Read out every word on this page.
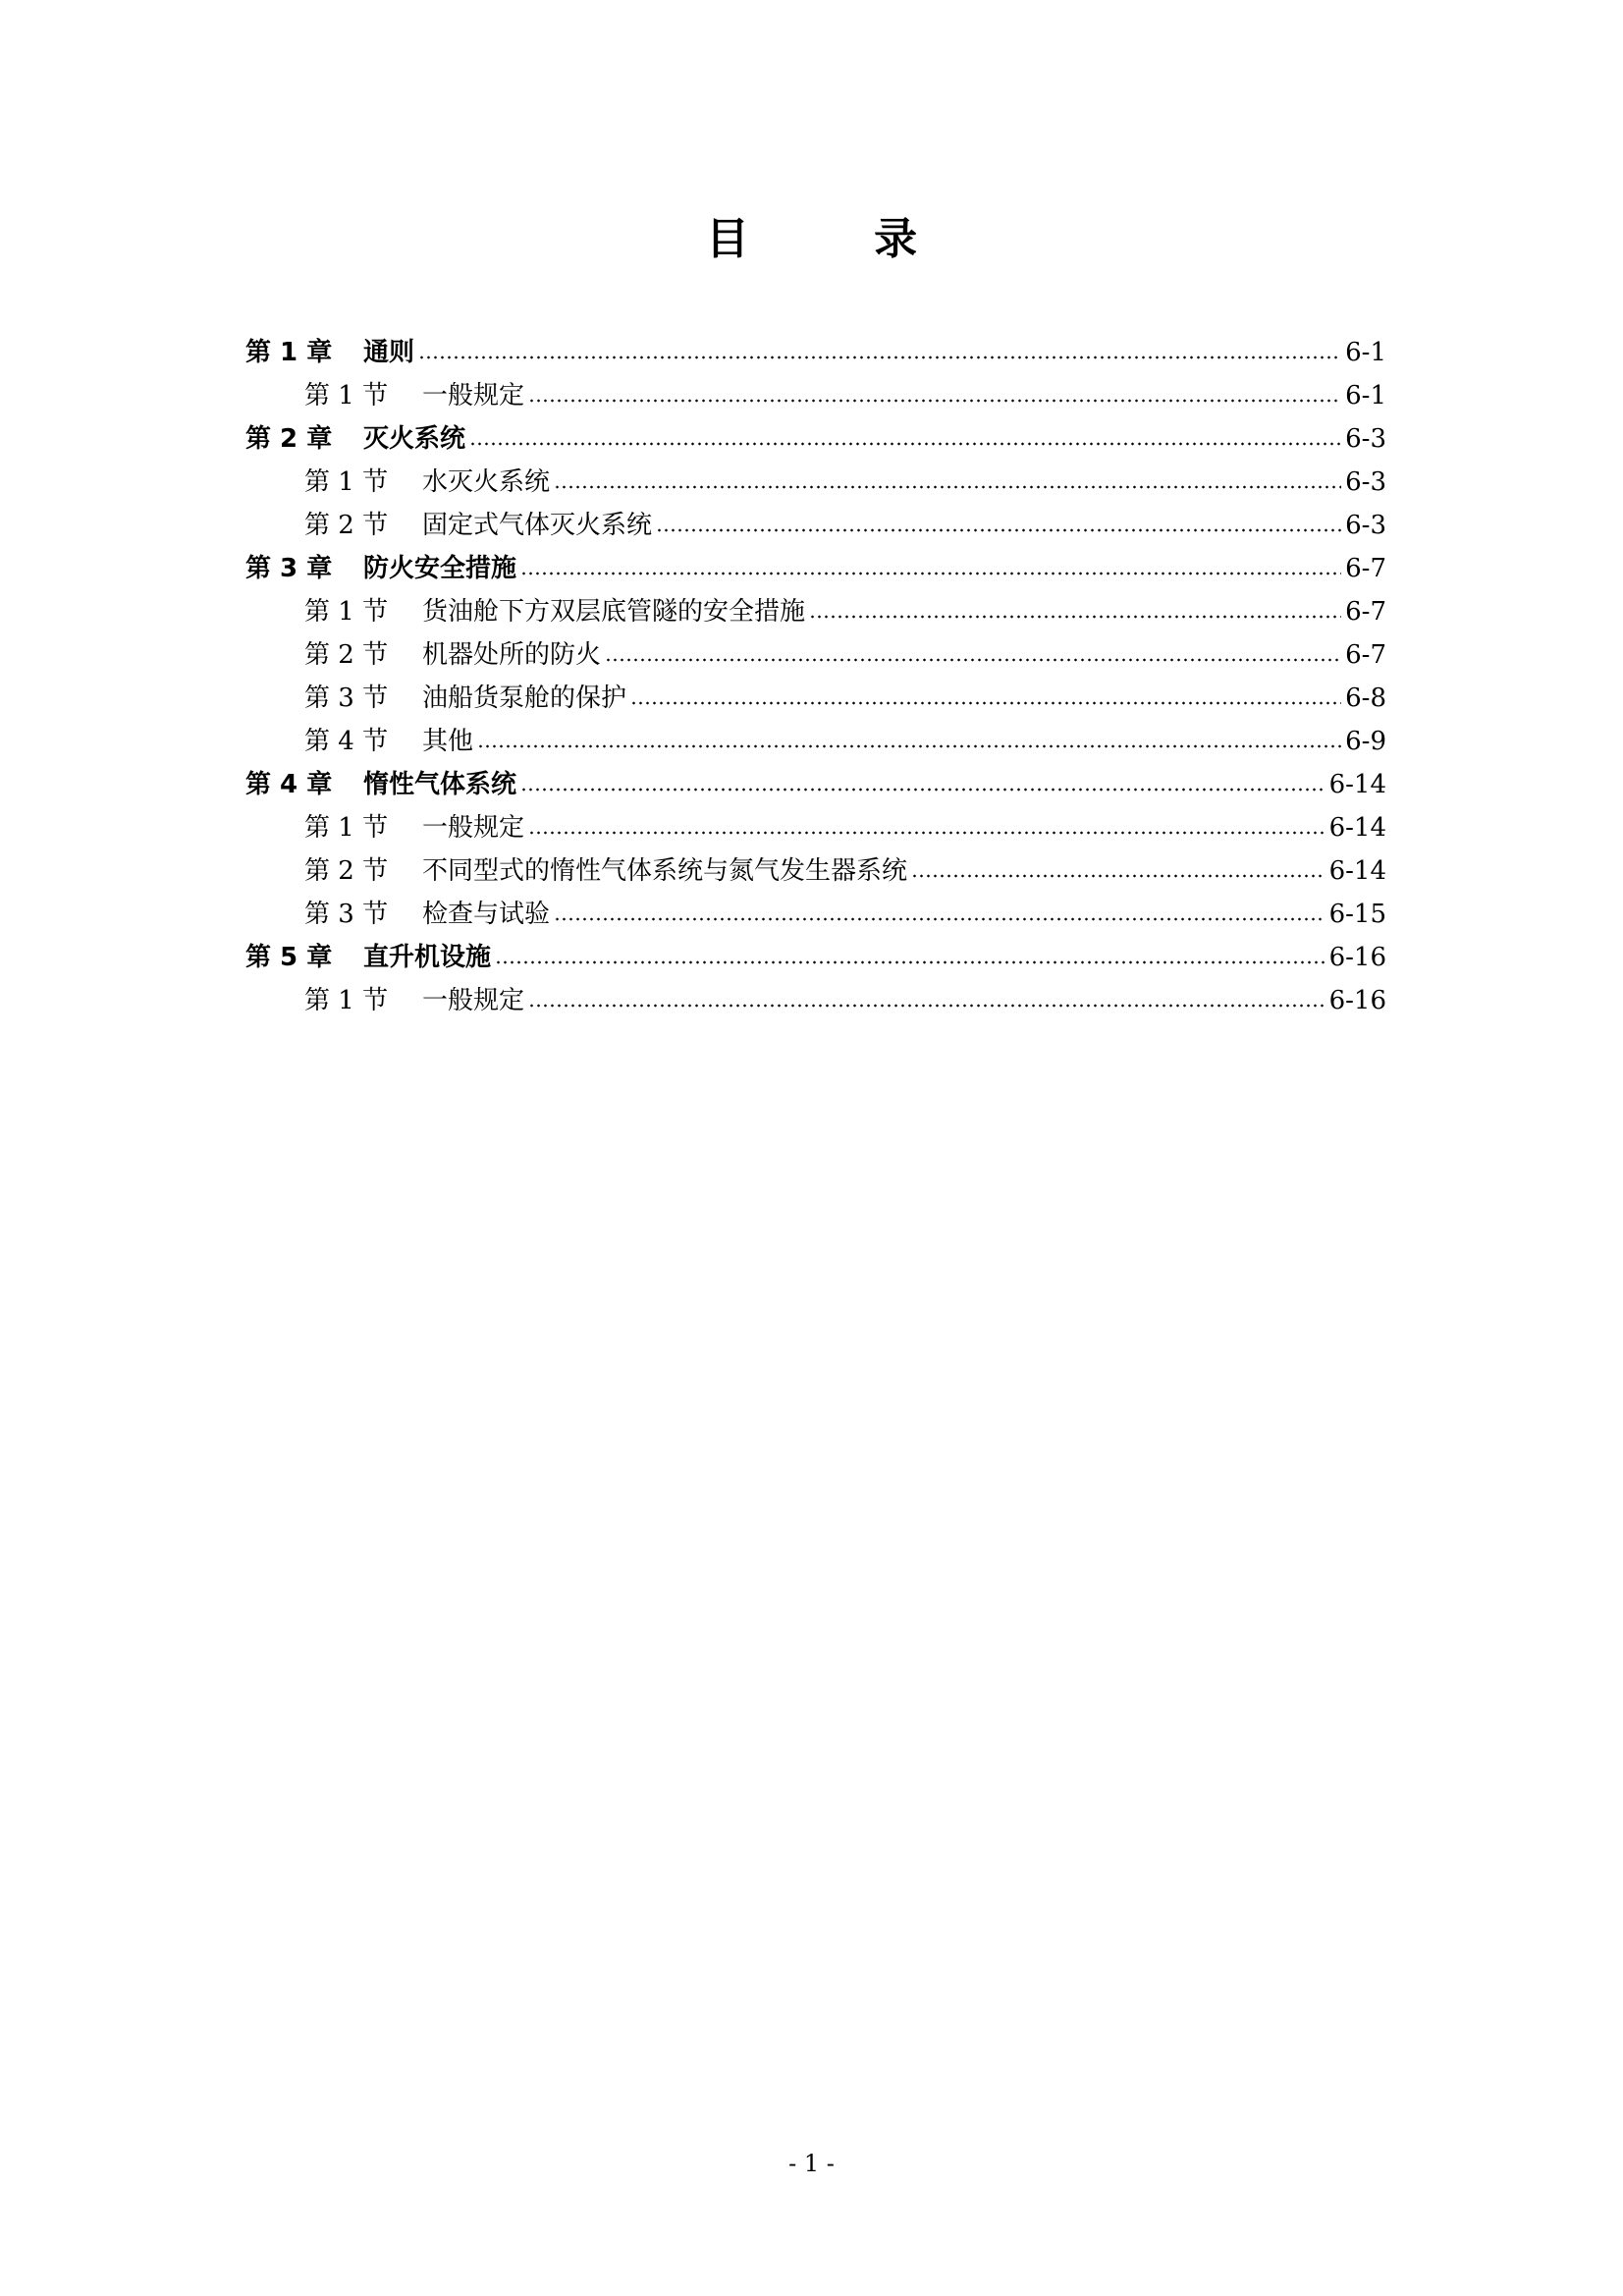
目 录
第 1 章	通则	6-1
第 1 节	一般规定	6-1
第 2 章	灭火系统	6-3
第 1 节	水灭火系统	6-3
第 2 节	固定式气体灭火系统	6-3
第 3 章	防火安全措施	6-7
第 1 节	货油舱下方双层底管隧的安全措施	6-7
第 2 节	机器处所的防火	6-7
第 3 节	油船货泵舱的保护	6-8
第 4 节	其他	6-9
第 4 章	惰性气体系统	6-14
第 1 节	一般规定	6-14
第 2 节	不同型式的惰性气体系统与氮气发生器系统	6-14
第 3 节	检查与试验	6-15
第 5 章	直升机设施	6-16
第 1 节	一般规定	6-16
- 1 -
